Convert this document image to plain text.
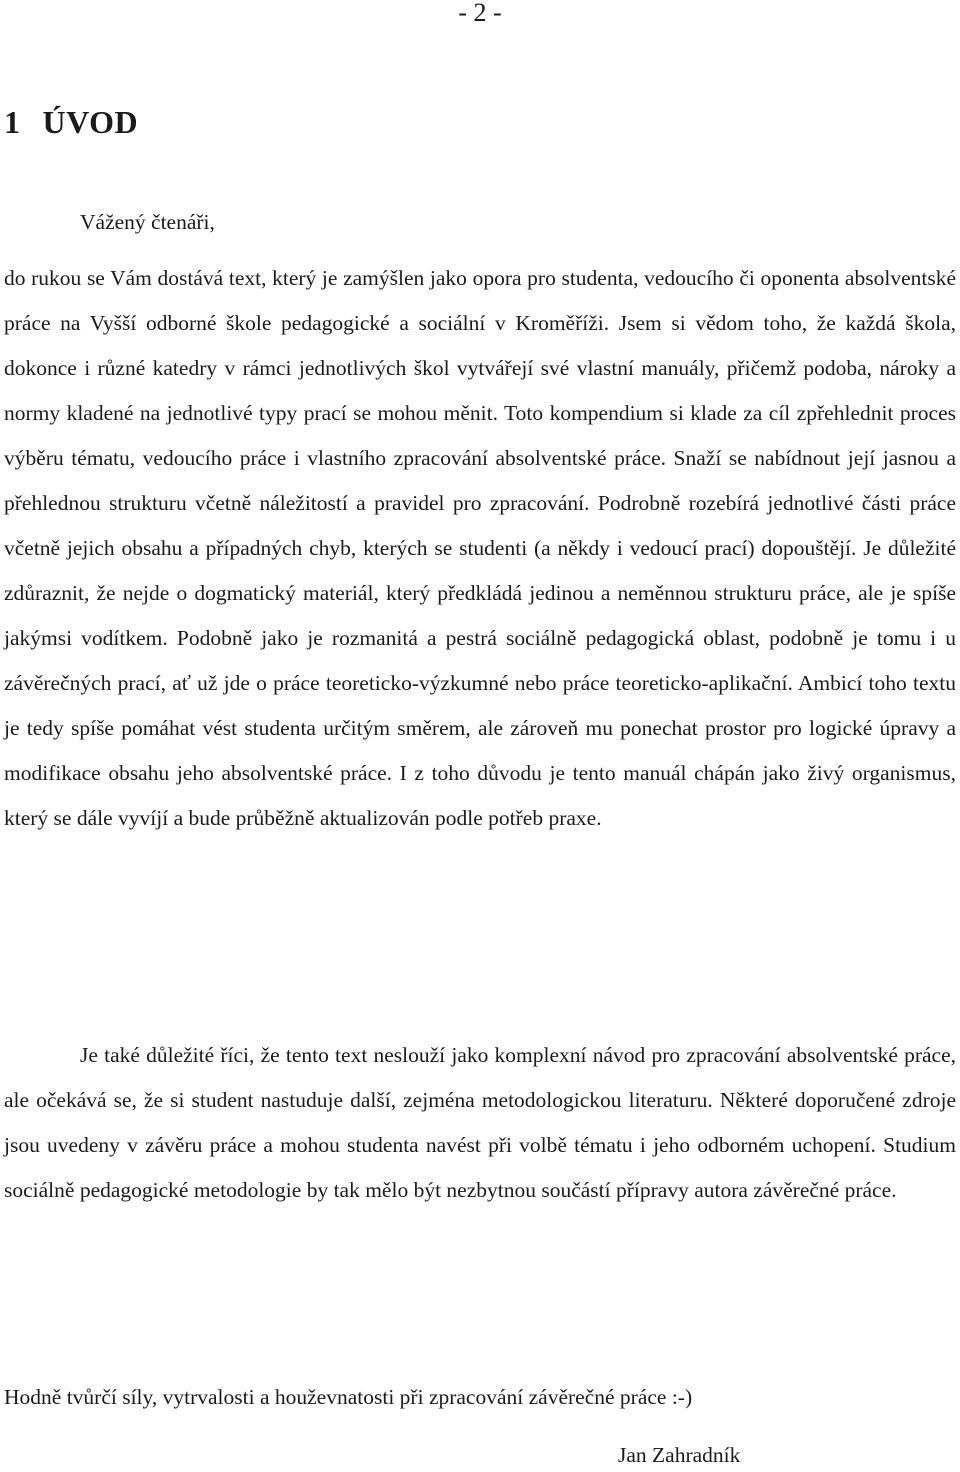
- 2 -
1 ÚVOD
Vážený čtenáři,
do rukou se Vám dostává text, který je zamýšlen jako opora pro studenta, vedoucího či oponenta absolventské práce na Vyšší odborné škole pedagogické a sociální v Kroměříži. Jsem si vědom toho, že každá škola, dokonce i různé katedry v rámci jednotlivých škol vytvářejí své vlastní manuály, přičemž podoba, nároky a normy kladené na jednotlivé typy prací se mohou měnit. Toto kompendium si klade za cíl zpřehlednit proces výběru tématu, vedoucího práce i vlastního zpracování absolventské práce. Snaží se nabídnout její jasnou a přehlednou strukturu včetně náležitostí a pravidel pro zpracování. Podrobně rozebírá jednotlivé části práce včetně jejich obsahu a případných chyb, kterých se studenti (a někdy i vedoucí prací) dopouštějí. Je důležité zdůraznit, že nejde o dogmatický materiál, který předkládá jedinou a neměnnou strukturu práce, ale je spíše jakýmsi vodítkem. Podobně jako je rozmanitá a pestrá sociálně pedagogická oblast, podobně je tomu i u závěrečných prací, ať už jde o práce teoreticko-výzkumné nebo práce teoreticko-aplikační. Ambicí toho textu je tedy spíše pomáhat vést studenta určitým směrem, ale zároveň mu ponechat prostor pro logické úpravy a modifikace obsahu jeho absolventské práce. I z toho důvodu je tento manuál chápán jako živý organismus, který se dále vyvíjí a bude průběžně aktualizován podle potřeb praxe.
Je také důležité říci, že tento text neslouží jako komplexní návod pro zpracování absolventské práce, ale očekává se, že si student nastuduje další, zejména metodologickou literaturu. Některé doporučené zdroje jsou uvedeny v závěru práce a mohou studenta navést při volbě tématu i jeho odborném uchopení. Studium sociálně pedagogické metodologie by tak mělo být nezbytnou součástí přípravy autora závěrečné práce.
Hodně tvůrčí síly, vytrvalosti a houževnatosti při zpracování závěrečné práce :-)
Jan Zahradník
